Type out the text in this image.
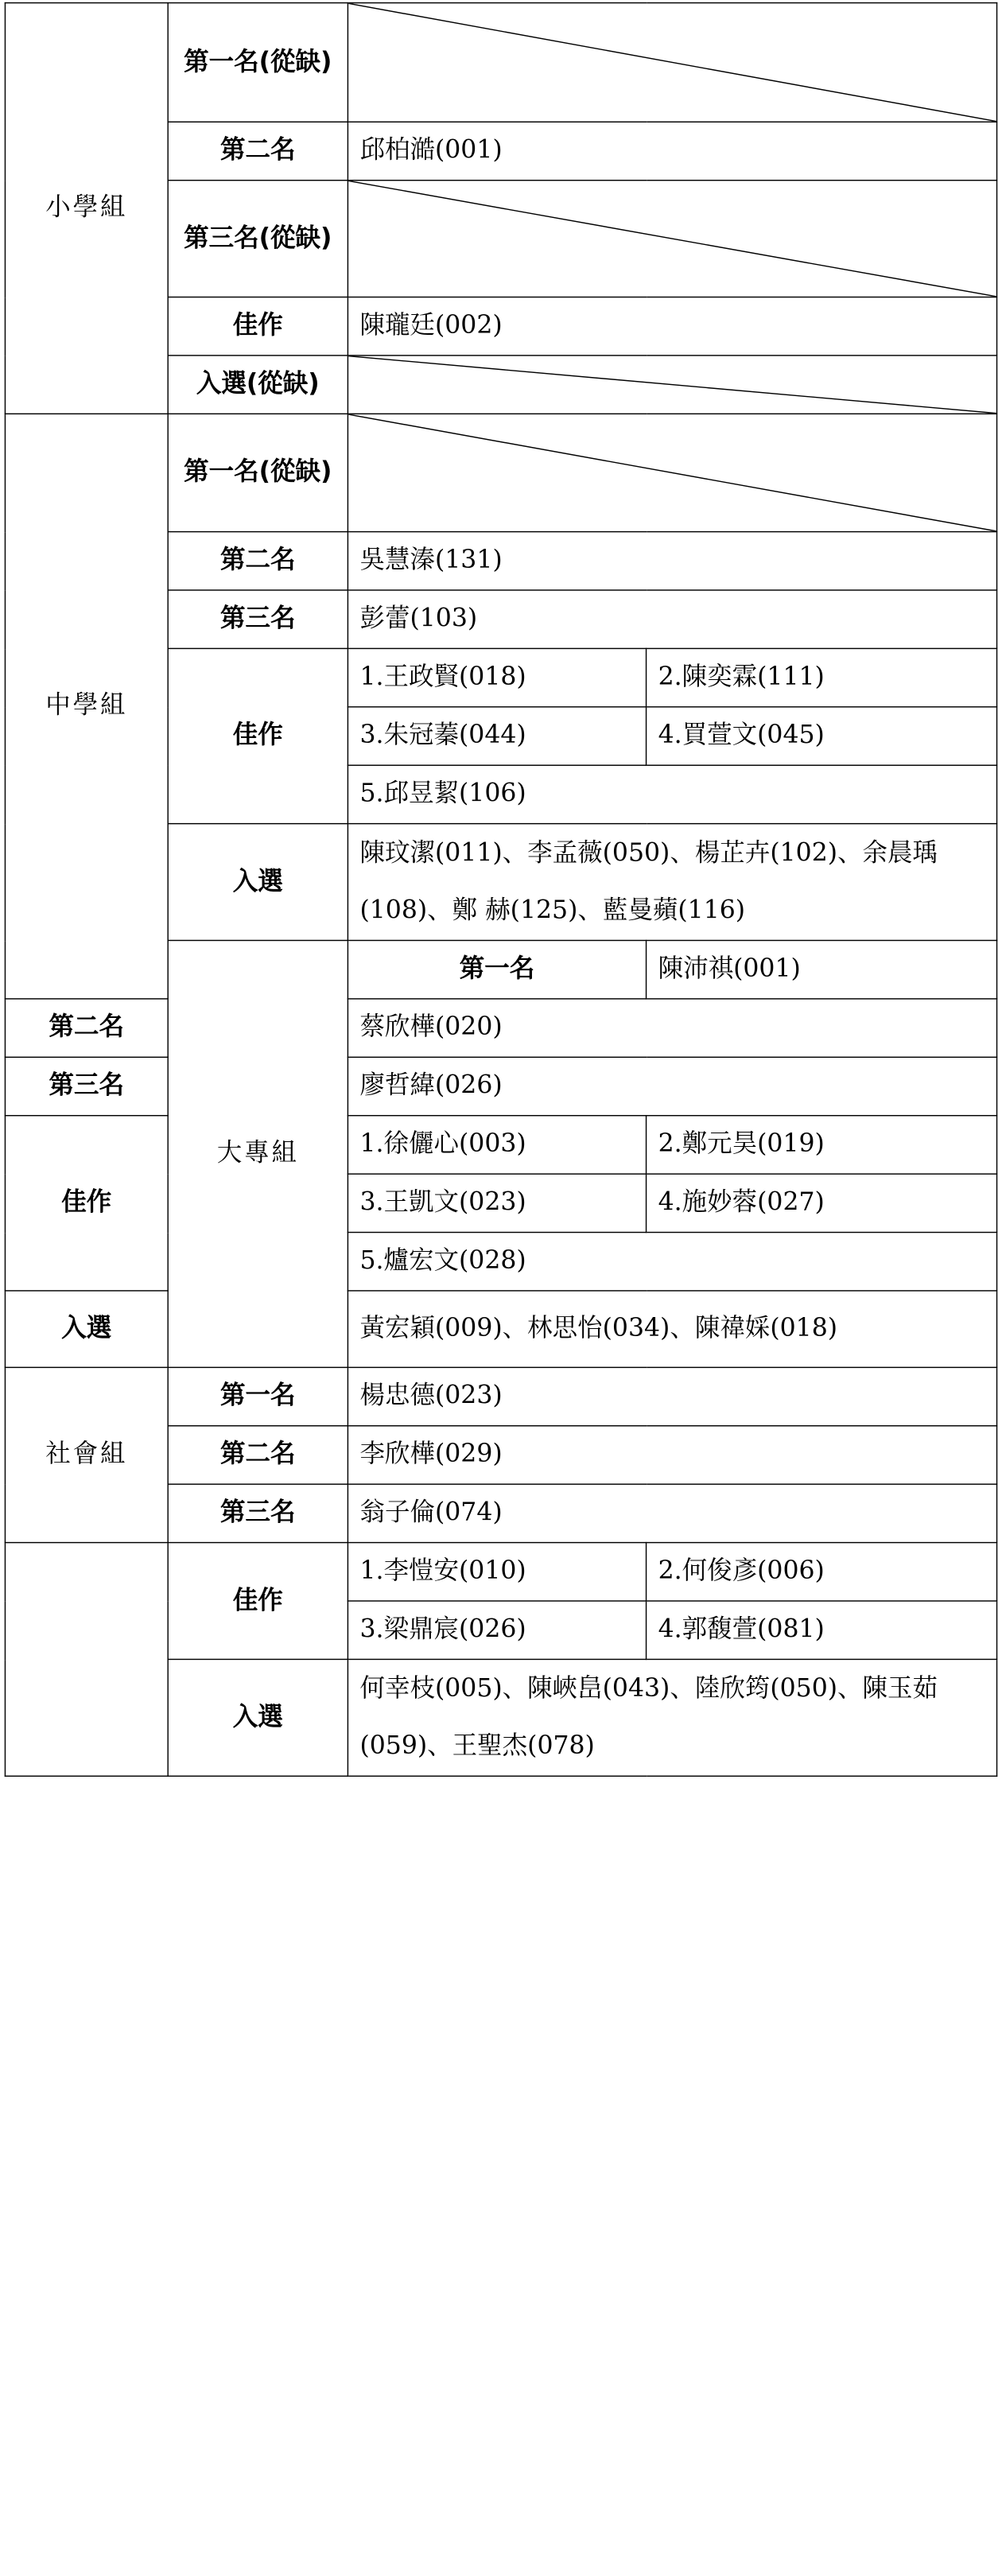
小學組	第一名(從缺)	

	第二名	邱柏澔(001)	
	第三名(從缺)	

	佳作	陳瓏廷(002)	
	入選(從缺)	

中學組	第一名(從缺)	

	第二名	吳慧溱(131)	
	第三名	彭蕾(103)	
	佳作	1.王政賢(018)	2.陳奕霖(111)
		3.朱冠蓁(044)	4.買萱文(045)
		5.邱昱絜(106)	
	入選	陳玟潔(011)、李孟薇(050)、楊芷卉(102)、余晨瑀(108)、鄭 赫(125)、藍曼蘋(116)	
	大專組	第一名	陳沛祺(001)
第二名		蔡欣樺(020)	
第三名		廖哲緯(026)	
佳作		1.徐儷心(003)	2.鄭元昊(019)
		3.王凱文(023)	4.施妙蓉(027)
		5.爐宏文(028)	
入選		黃宏穎(009)、林思怡(034)、陳禕婇(018)	
社會組	第一名	楊忠德(023)	
	第二名	李欣樺(029)	
	第三名	翁子倫(074)	
	佳作	1.李愷安(010)	2.何俊彥(006)
		3.梁鼎宸(026)	4.郭馥萱(081)
	入選	何幸枝(005)、陳峽峊(043)、陸欣筠(050)、陳玉茹(059)、王聖杰(078)	
